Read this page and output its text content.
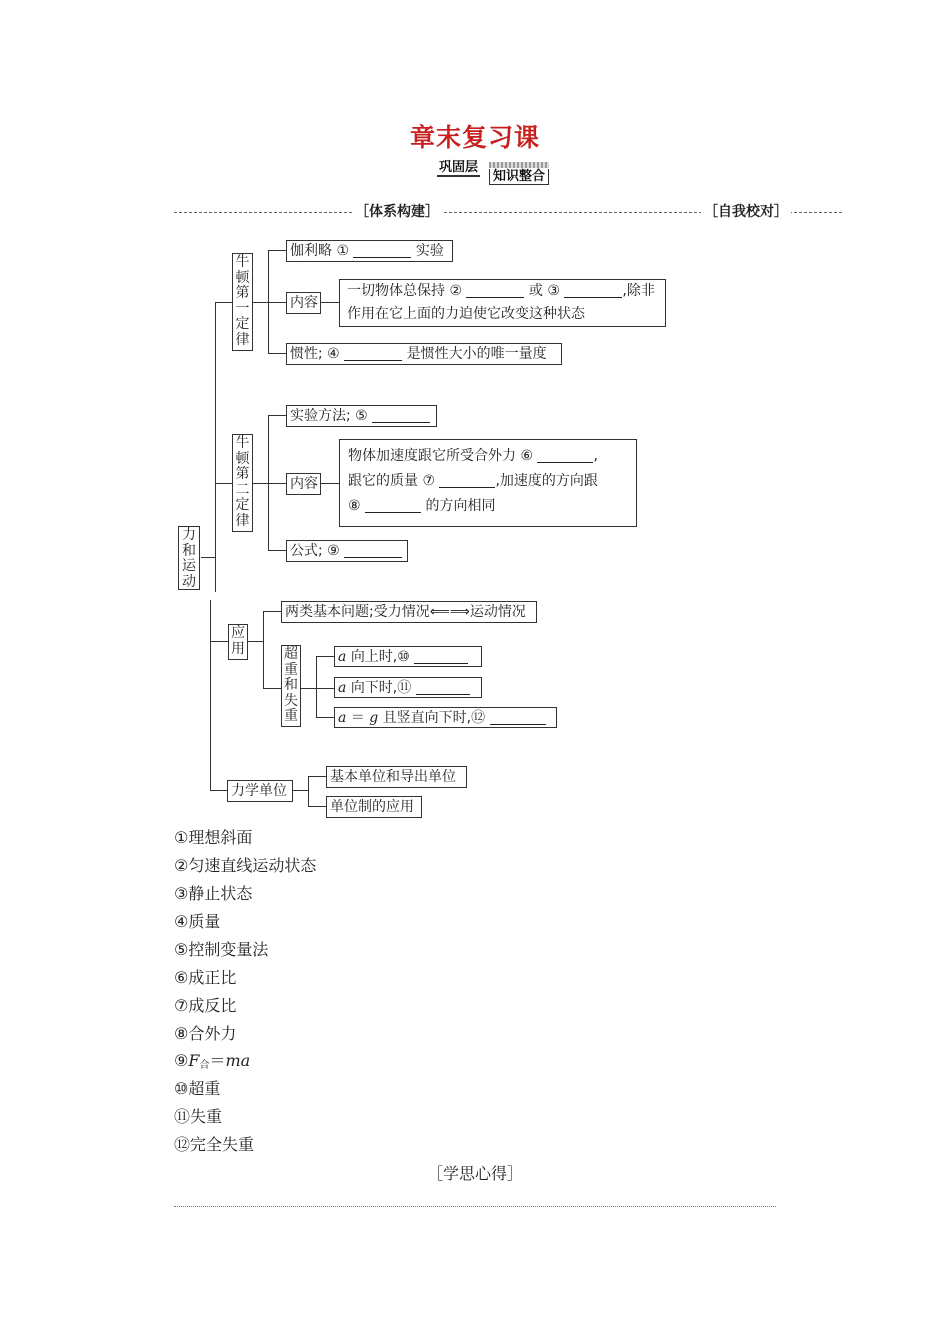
章末复习课
巩固层
知识整合
［体系构建］	［自我校对］
力和运动
牛顿第一定律
伽利略 ①	实验
内容
一切物体总保持 ②	或 ③	,除非作用在它上面的力迫使它改变这种状态
惯性; ④	是惯性大小的唯一量度
牛顿第二定律
实验方法; ⑤
内容
物体加速度跟它所受合外力 ⑥	,
跟它的质量 ⑦	,加速度的方向跟
⑧	的方向相同
公式; ⑨
应用
两类基本问题;受力情况⟸⟹运动情况
超重和失重
a 向上时,⑩
a 向下时,⑪
a ＝ g 且竖直向下时,⑫
力学单位
基本单位和导出单位
单位制的应用
①理想斜面
②匀速直线运动状态
③静止状态
④质量
⑤控制变量法
⑥成正比
⑦成反比
⑧合外力
⑨F合＝ma
⑩超重
⑪失重
⑫完全失重
［学思心得］
